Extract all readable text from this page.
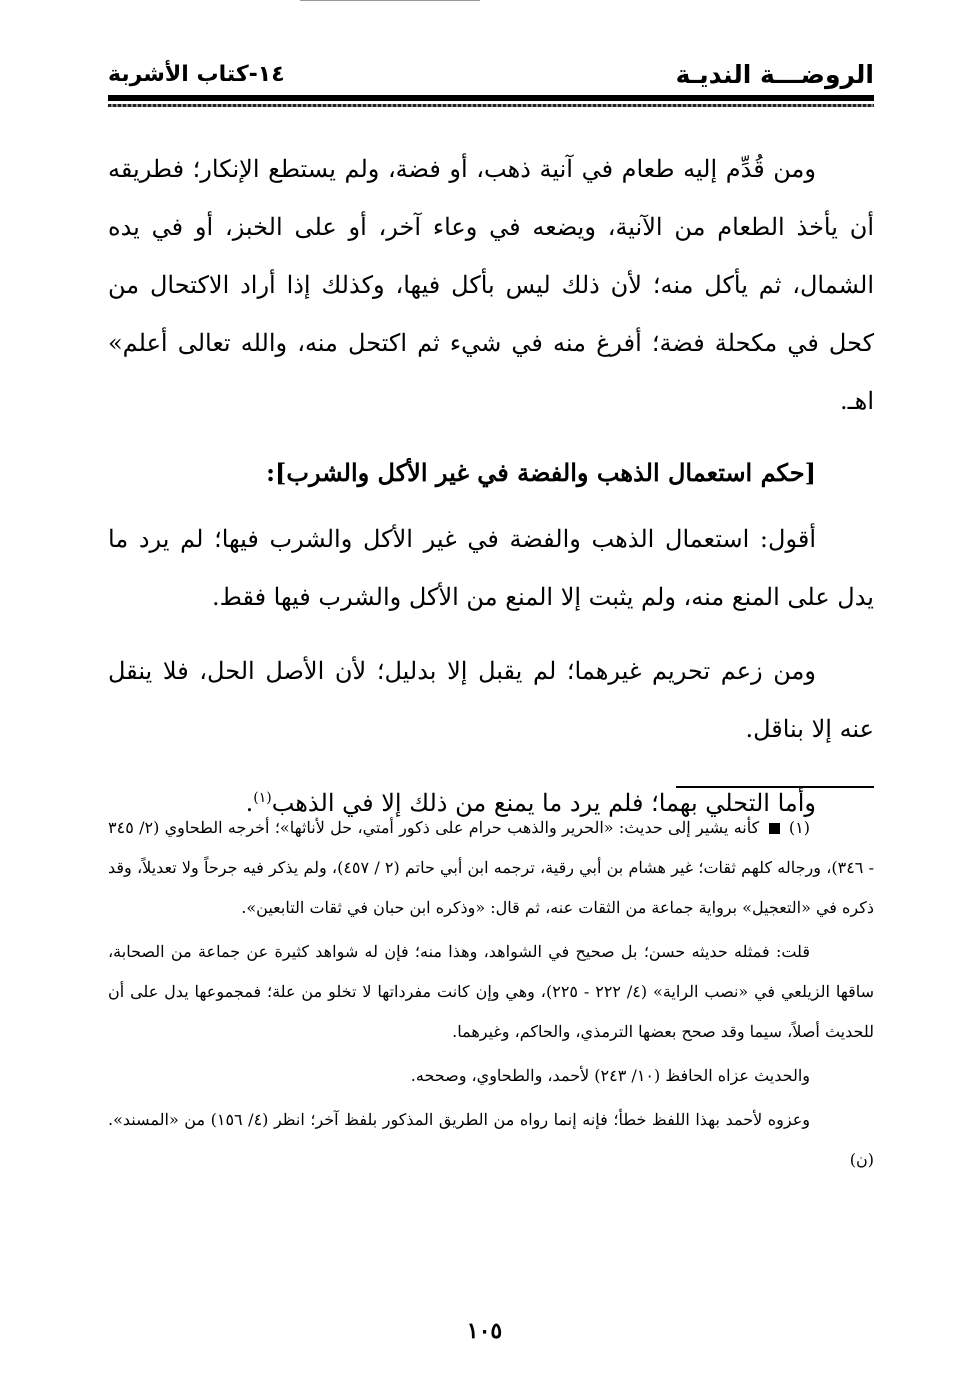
الروضـــة النديـة
١٤-كتاب الأشربة

ومن قُدِّم إليه طعام في آنية ذهب، أو فضة، ولم يستطع الإنكار؛ فطريقه أن يأخذ الطعام من الآنية، ويضعه في وعاء آخر، أو على الخبز، أو في يده الشمال، ثم يأكل منه؛ لأن ذلك ليس بأكل فيها، وكذلك إذا أراد الاكتحال من كحل في مكحلة فضة؛ أفرغ منه في شيء ثم اكتحل منه، والله تعالى أعلم» اهـ.

[حكم استعمال الذهب والفضة في غير الأكل والشرب]:

أقول: استعمال الذهب والفضة في غير الأكل والشرب فيها؛ لم يرد ما يدل على المنع منه، ولم يثبت إلا المنع من الأكل والشرب فيها فقط.

ومن زعم تحريم غيرهما؛ لم يقبل إلا بدليل؛ لأن الأصل الحل، فلا ينقل عنه إلا بناقل.

وأما التحلي بهما؛ فلم يرد ما يمنع من ذلك إلا في الذهب$^{(١)}$.

(١)  كأنه يشير إلى حديث: «الحرير والذهب حرام على ذكور أمتي، حل لأناثها»؛ أخرجه الطحاوي (٢/ ٣٤٥ - ٣٤٦)، ورجاله كلهم ثقات؛ غير هشام بن أبي رقية، ترجمه ابن أبي حاتم (٢ / ٤٥٧)، ولم يذكر فيه جرحاً ولا تعديلاً، وقد ذكره في «التعجيل» برواية جماعة من الثقات عنه، ثم قال: «وذكره ابن حبان في ثقات التابعين».

قلت: فمثله حديثه حسن؛ بل صحيح في الشواهد، وهذا منه؛ فإن له شواهد كثيرة عن جماعة من الصحابة، ساقها الزيلعي في «نصب الراية» (٤/ ٢٢٢ - ٢٢٥)، وهي وإن كانت مفرداتها لا تخلو من علة؛ فمجموعها يدل على أن للحديث أصلاً، سيما وقد صحح بعضها الترمذي، والحاكم، وغيرهما.

والحديث عزاه الحافظ (١٠/ ٢٤٣) لأحمد، والطحاوي، وصححه.

وعزوه لأحمد بهذا اللفظ خطأ؛ فإنه إنما رواه من الطريق المذكور بلفظ آخر؛ انظر (٤/ ١٥٦) من «المسند». (ن)

١٠٥
